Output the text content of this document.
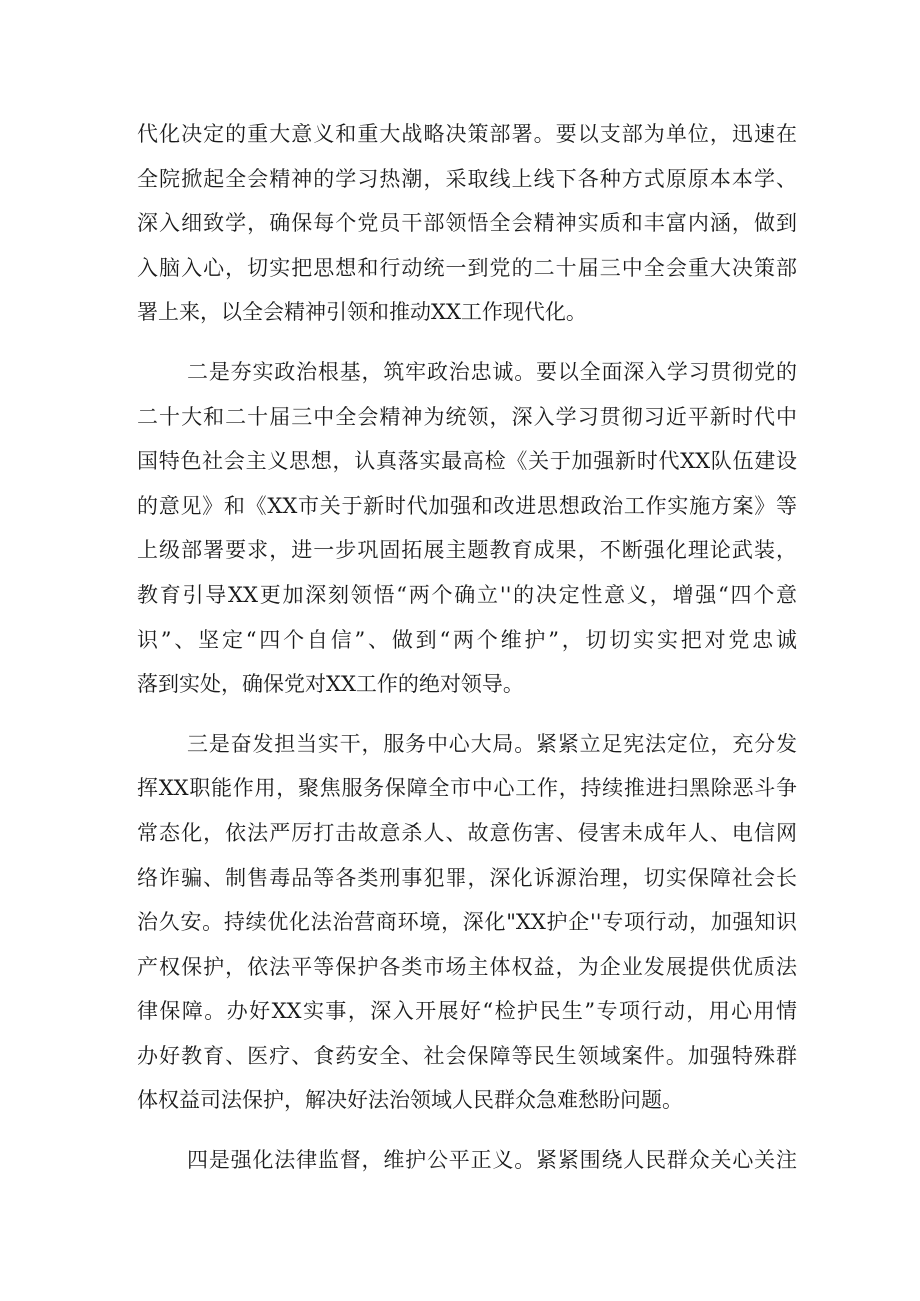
代化决定的重大意义和重大战略决策部署。要以支部为单位，迅速在
全院掀起全会精神的学习热潮，采取线上线下各种方式原原本本学、
深入细致学，确保每个党员干部领悟全会精神实质和丰富内涵，做到
入脑入心，切实把思想和行动统一到党的二十届三中全会重大决策部
署上来，以全会精神引领和推动XX工作现代化。
二是夯实政治根基，筑牢政治忠诚。要以全面深入学习贯彻党的
二十大和二十届三中全会精神为统领，深入学习贯彻习近平新时代中
国特色社会主义思想，认真落实最高检《关于加强新时代XX队伍建设
的意见》和《XX市关于新时代加强和改进思想政治工作实施方案》等
上级部署要求，进一步巩固拓展主题教育成果，不断强化理论武装，
教育引导XX更加深刻领悟“两个确立''的决定性意义，增强“四个意
识”、坚定“四个自信”、做到“两个维护”，切切实实把对党忠诚
落到实处，确保党对XX工作的绝对领导。
三是奋发担当实干，服务中心大局。紧紧立足宪法定位，充分发
挥XX职能作用，聚焦服务保障全市中心工作，持续推进扫黑除恶斗争
常态化，依法严厉打击故意杀人、故意伤害、侵害未成年人、电信网
络诈骗、制售毒品等各类刑事犯罪，深化诉源治理，切实保障社会长
治久安。持续优化法治营商环境，深化"XX护企''专项行动，加强知识
产权保护，依法平等保护各类市场主体权益，为企业发展提供优质法
律保障。办好XX实事，深入开展好“检护民生”专项行动，用心用情
办好教育、医疗、食药安全、社会保障等民生领域案件。加强特殊群
体权益司法保护，解决好法治领域人民群众急难愁盼问题。
四是强化法律监督，维护公平正义。紧紧围绕人民群众关心关注
